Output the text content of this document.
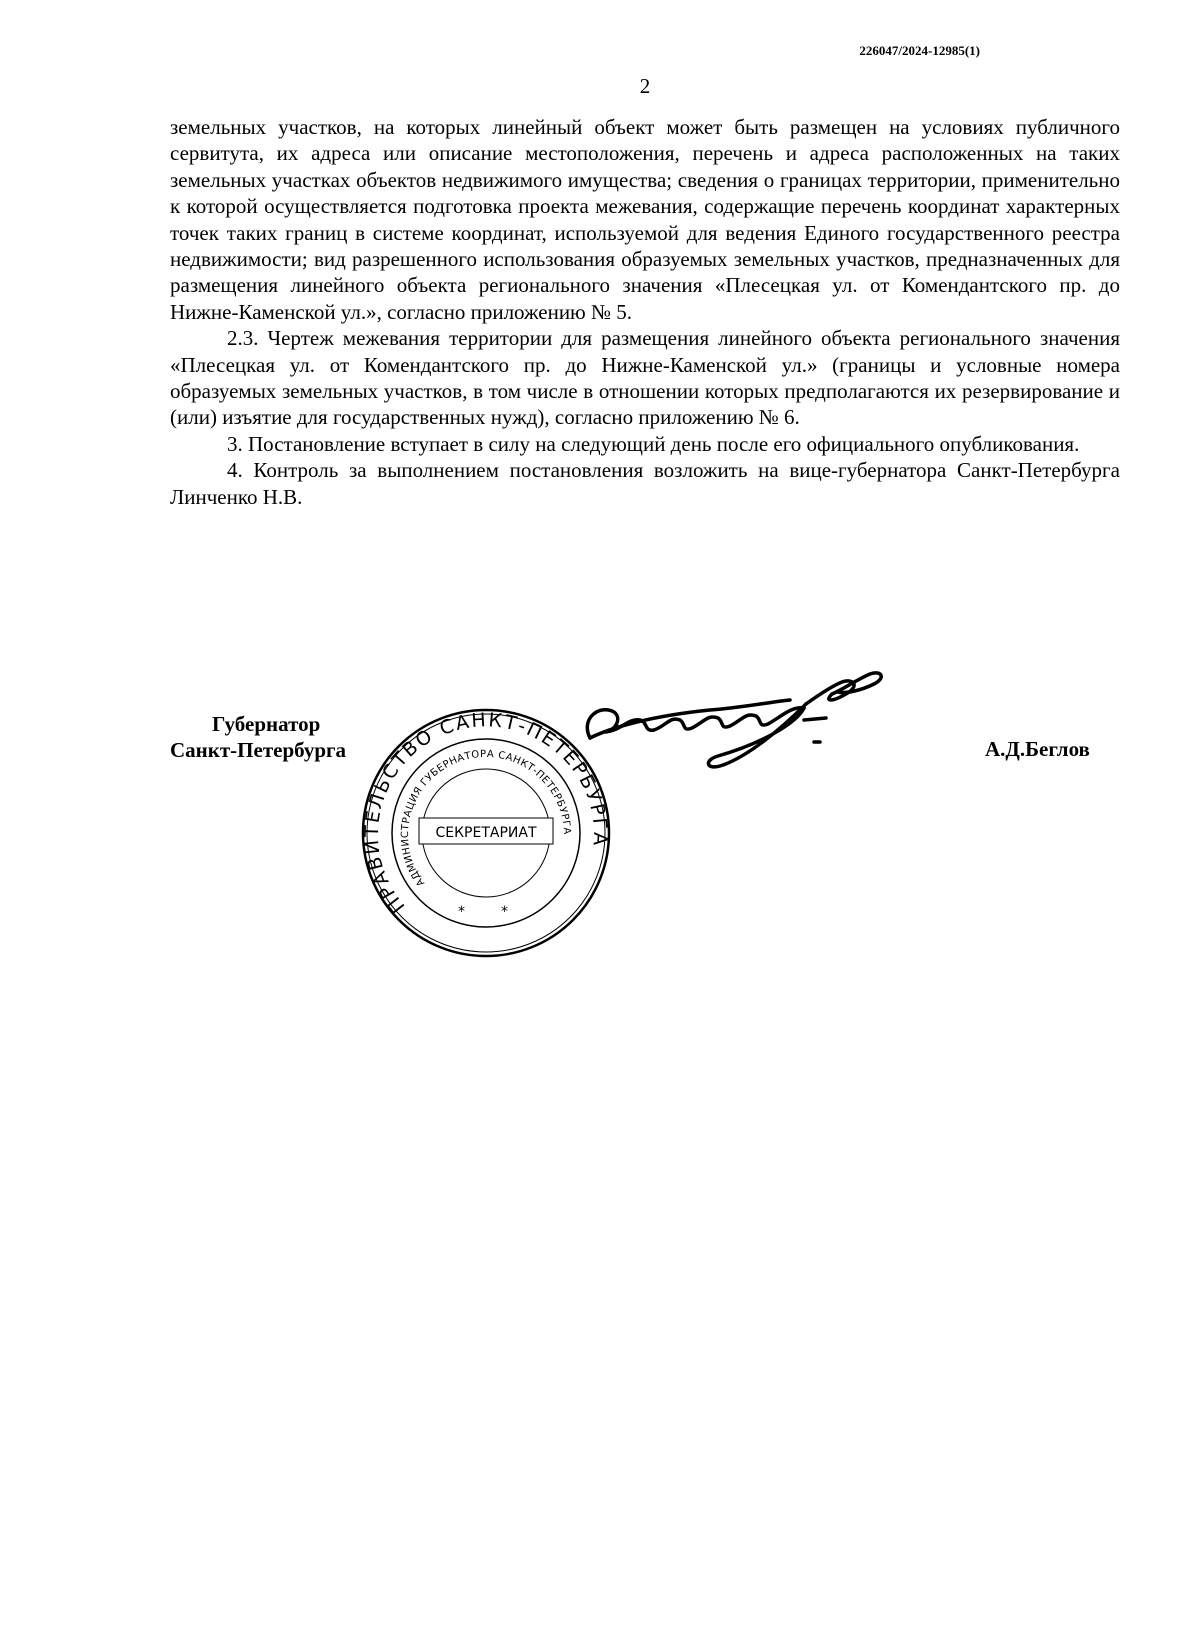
226047/2024-12985(1)
2

земельных участков, на которых линейный объект может быть размещен на условиях публичного сервитута, их адреса или описание местоположения, перечень и адреса расположенных на таких земельных участках объектов недвижимого имущества; сведения о границах территории, применительно к которой осуществляется подготовка проекта межевания, содержащие перечень координат характерных точек таких границ в системе координат, используемой для ведения Единого государственного реестра недвижимости; вид разрешенного использования образуемых земельных участков, предназначенных для размещения линейного объекта регионального значения «Плесецкая ул. от Комендантского пр. до Нижне-Каменской ул.», согласно приложению № 5.

2.3. Чертеж межевания территории для размещения линейного объекта регионального значения «Плесецкая ул. от Комендантского пр. до Нижне-Каменской ул.» (границы и условные номера образуемых земельных участков, в том числе в отношении которых предполагаются их резервирование и (или) изъятие для государственных нужд), согласно приложению № 6.

3. Постановление вступает в силу на следующий день после его официального опубликования.

4. Контроль за выполнением постановления возложить на вице-губернатора Санкт-Петербурга Линченко Н.В.

Губернатор
Санкт-Петербурга	А.Д.Беглов
ПРАВИТЕЛЬСТВО САНКТ-ПЕТЕРБУРГА
АДМИНИСТРАЦИЯ ГУБЕРНАТОРА САНКТ-ПЕТЕРБУРГА
СЕКРЕТАРИАТ
*	*
